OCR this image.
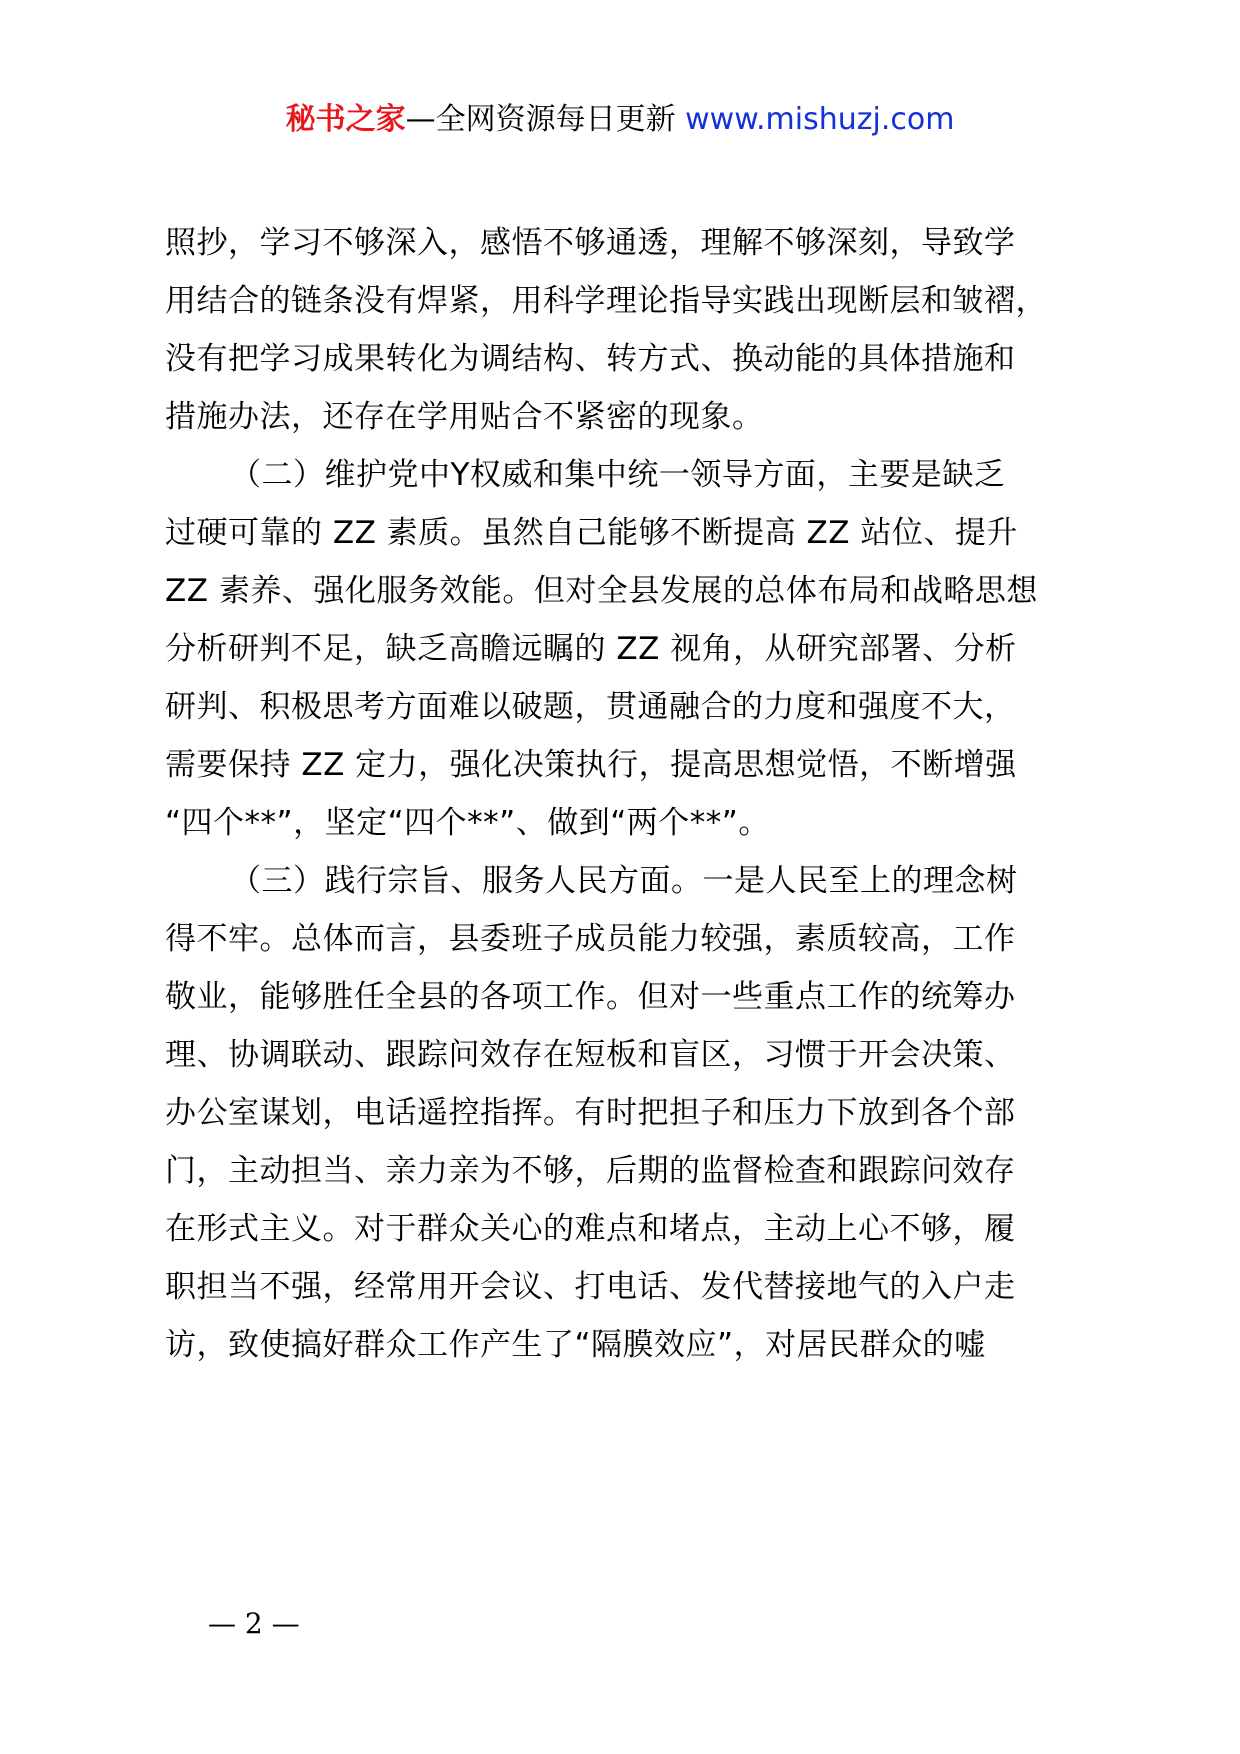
秘书之家—全网资源每日更新 www.mishuzj.com
照抄，学习不够深入，感悟不够通透，理解不够深刻，导致学
用结合的链条没有焊紧，用科学理论指导实践出现断层和皱褶，
没有把学习成果转化为调结构、转方式、换动能的具体措施和
措施办法，还存在学用贴合不紧密的现象。
（二）维护党中Y权威和集中统一领导方面，主要是缺乏
过硬可靠的 ZZ 素质。虽然自己能够不断提高 ZZ 站位、提升
ZZ 素养、强化服务效能。但对全县发展的总体布局和战略思想
分析研判不足，缺乏高瞻远瞩的 ZZ 视角，从研究部署、分析
研判、积极思考方面难以破题，贯通融合的力度和强度不大，
需要保持 ZZ 定力，强化决策执行，提高思想觉悟，不断增强
“四个**”，坚定“四个**”、做到“两个**”。
（三）践行宗旨、服务人民方面。一是人民至上的理念树
得不牢。总体而言，县委班子成员能力较强，素质较高，工作
敬业，能够胜任全县的各项工作。但对一些重点工作的统筹办
理、协调联动、跟踪问效存在短板和盲区，习惯于开会决策、
办公室谋划，电话遥控指挥。有时把担子和压力下放到各个部
门，主动担当、亲力亲为不够，后期的监督检查和跟踪问效存
在形式主义。对于群众关心的难点和堵点，主动上心不够，履
职担当不强，经常用开会议、打电话、发代替接地气的入户走
访，致使搞好群众工作产生了“隔膜效应”，对居民群众的嘘
— 2 —
